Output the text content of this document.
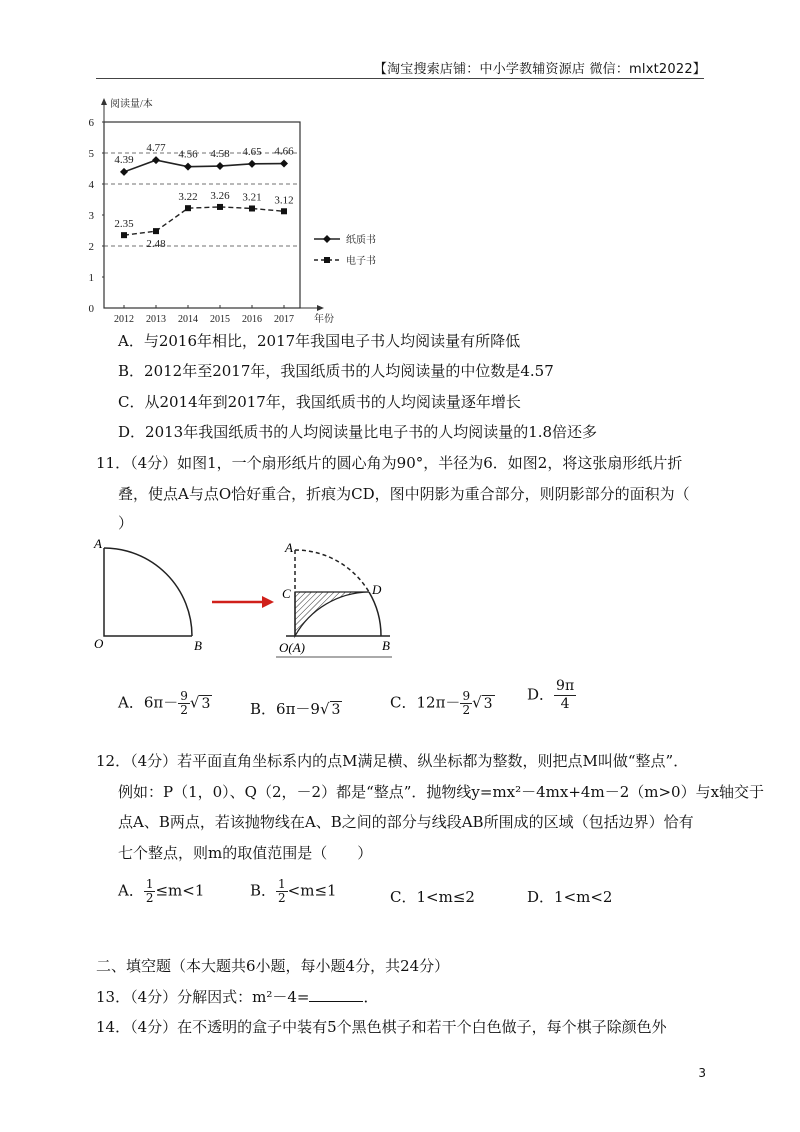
【淘宝搜索店铺：中小学教辅资源店 微信：mlxt2022】
0
1
2
3
4
5
6
阅读量/本
2012 2013 2014 2015 2016 2017 年份
4.39
4.77
4.56 4.58 4.65 4.66
2.35
2.48
3.22 3.26 3.21 3.12
纸质书
电子书
A．与2016年相比，2017年我国电子书人均阅读量有所降低
B．2012年至2017年，我国纸质书的人均阅读量的中位数是4.57
C．从2014年到2017年，我国纸质书的人均阅读量逐年增长
D．2013年我国纸质书的人均阅读量比电子书的人均阅读量的1.8倍还多
11．（4分）如图1，一个扇形纸片的圆心角为90°，半径为6．如图2，将这张扇形纸片折
叠，使点A与点O恰好重合，折痕为CD，图中阴影为重合部分，则阴影部分的面积为（
）
A
O	B
A
C	D
O(A)	B
A．$6\pi- \frac{9}{2}$ √ 3	B．6π－9√ 3	C．$12\pi- \frac{9}{2}$ √ 3 D． $\frac{9\pi}{4}$
12．（4分）若平面直角坐标系内的点M满足横、纵坐标都为整数，则把点M叫做“整点”．
例如：P（1，0）、Q（2，－2）都是“整点”．抛物线y=mx²－4mx+4m－2（m>0）与x轴交于
点A、B两点，若该抛物线在A、B之间的部分与线段AB所围成的区域（包括边界）恰有
七个整点，则m的取值范围是（　　）
A． $\frac{1}{2} \le m<1$	B． $\frac{1}{2} <m\le 1$	C．1<m≤2	D．1<m<2
二、填空题（本大题共6小题，每小题4分，共24分）
13．（4分）分解因式：m²－4=	．
14．（4分）在不透明的盒子中装有5个黑色棋子和若干个白色做子，每个棋子除颜色外
3
